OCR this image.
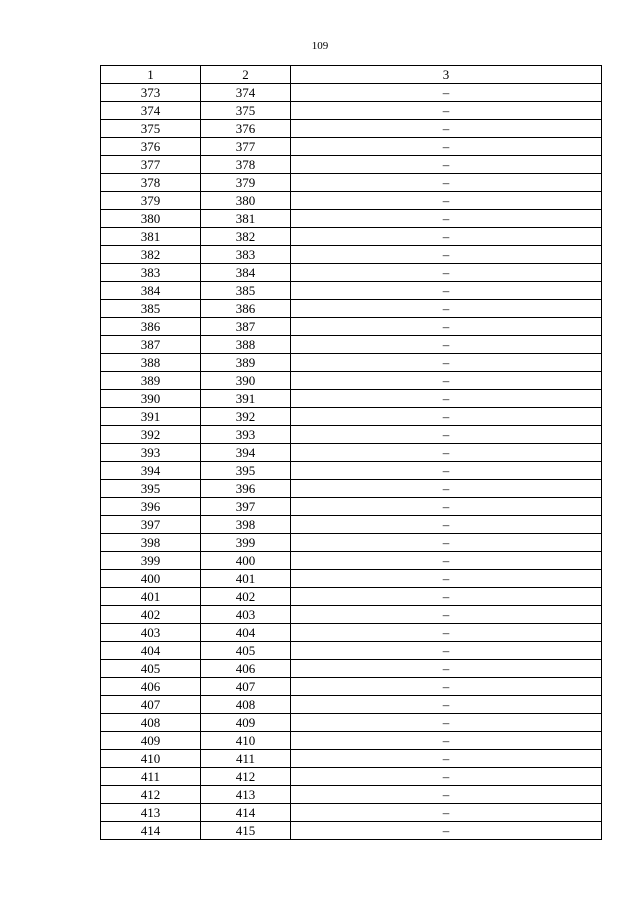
109
1	2	3
373	374	–
374	375	–
375	376	–
376	377	–
377	378	–
378	379	–
379	380	–
380	381	–
381	382	–
382	383	–
383	384	–
384	385	–
385	386	–
386	387	–
387	388	–
388	389	–
389	390	–
390	391	–
391	392	–
392	393	–
393	394	–
394	395	–
395	396	–
396	397	–
397	398	–
398	399	–
399	400	–
400	401	–
401	402	–
402	403	–
403	404	–
404	405	–
405	406	–
406	407	–
407	408	–
408	409	–
409	410	–
410	411	–
411	412	–
412	413	–
413	414	–
414	415	–
